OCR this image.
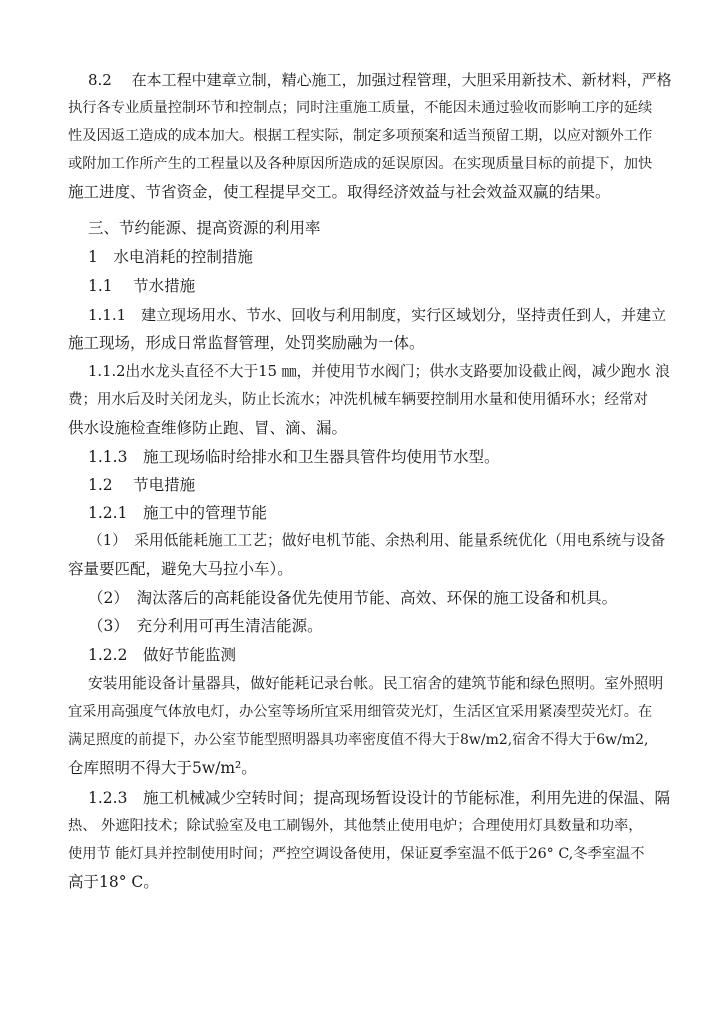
8.2　 在本工程中建章立制，精心施工，加强过程管理，大胆采用新技术、新材料，严格
执行各专业质量控制环节和控制点；同时注重施工质量，不能因未通过验收而影响工序的延续
性及因返工造成的成本加大。根据工程实际，制定多项预案和适当预留工期，以应对额外工作
或附加工作所产生的工程量以及各种原因所造成的延误原因。在实现质量目标的前提下，加快
施工进度、节省资金，使工程提早交工。取得经济效益与社会效益双赢的结果。
三、节约能源、提高资源的利用率
1　水电消耗的控制措施
1.1　 节水措施
1.1.1　建立现场用水、节水、回收与利用制度，实行区域划分，坚持责任到人，并建立
施工现场，形成日常监督管理，处罚奖励融为一体。
1.1.2出水龙头直径不大于15 ㎜，并使用节水阀门；供水支路要加设截止阀，减少跑水 浪
费；用水后及时关闭龙头，防止长流水；冲洗机械车辆要控制用水量和使用循环水；经常对
供水设施检查维修防止跑、冒、滴、漏。
1.1.3　施工现场临时给排水和卫生器具管件均使用节水型。
1.2　 节电措施
1.2.1　施工中的管理节能
（1）　采用低能耗施工工艺；做好电机节能、余热利用、能量系统优化（用电系统与设备
容量要匹配，避免大马拉小车）。
（2）　淘汰落后的高耗能设备优先使用节能、高效、环保的施工设备和机具。
（3）　充分利用可再生清洁能源。
1.2.2　做好节能监测
安装用能设备计量器具，做好能耗记录台帐。民工宿舍的建筑节能和绿色照明。室外照明
宜采用高强度气体放电灯，办公室等场所宜采用细管荧光灯，生活区宜采用紧凑型荧光灯。在
满足照度的前提下，办公室节能型照明器具功率密度值不得大于8w/m2,宿舍不得大于6w/m2,
仓库照明不得大于5w/m²。
1.2.3　施工机械减少空转时间；提高现场暂设设计的节能标准，利用先进的保温、隔
热、 外遮阳技术；除试验室及电工刷锡外，其他禁止使用电炉；合理使用灯具数量和功率，
使用节 能灯具并控制使用时间；严控空调设备使用，保证夏季室温不低于26° C,冬季室温不
高于18° C。
